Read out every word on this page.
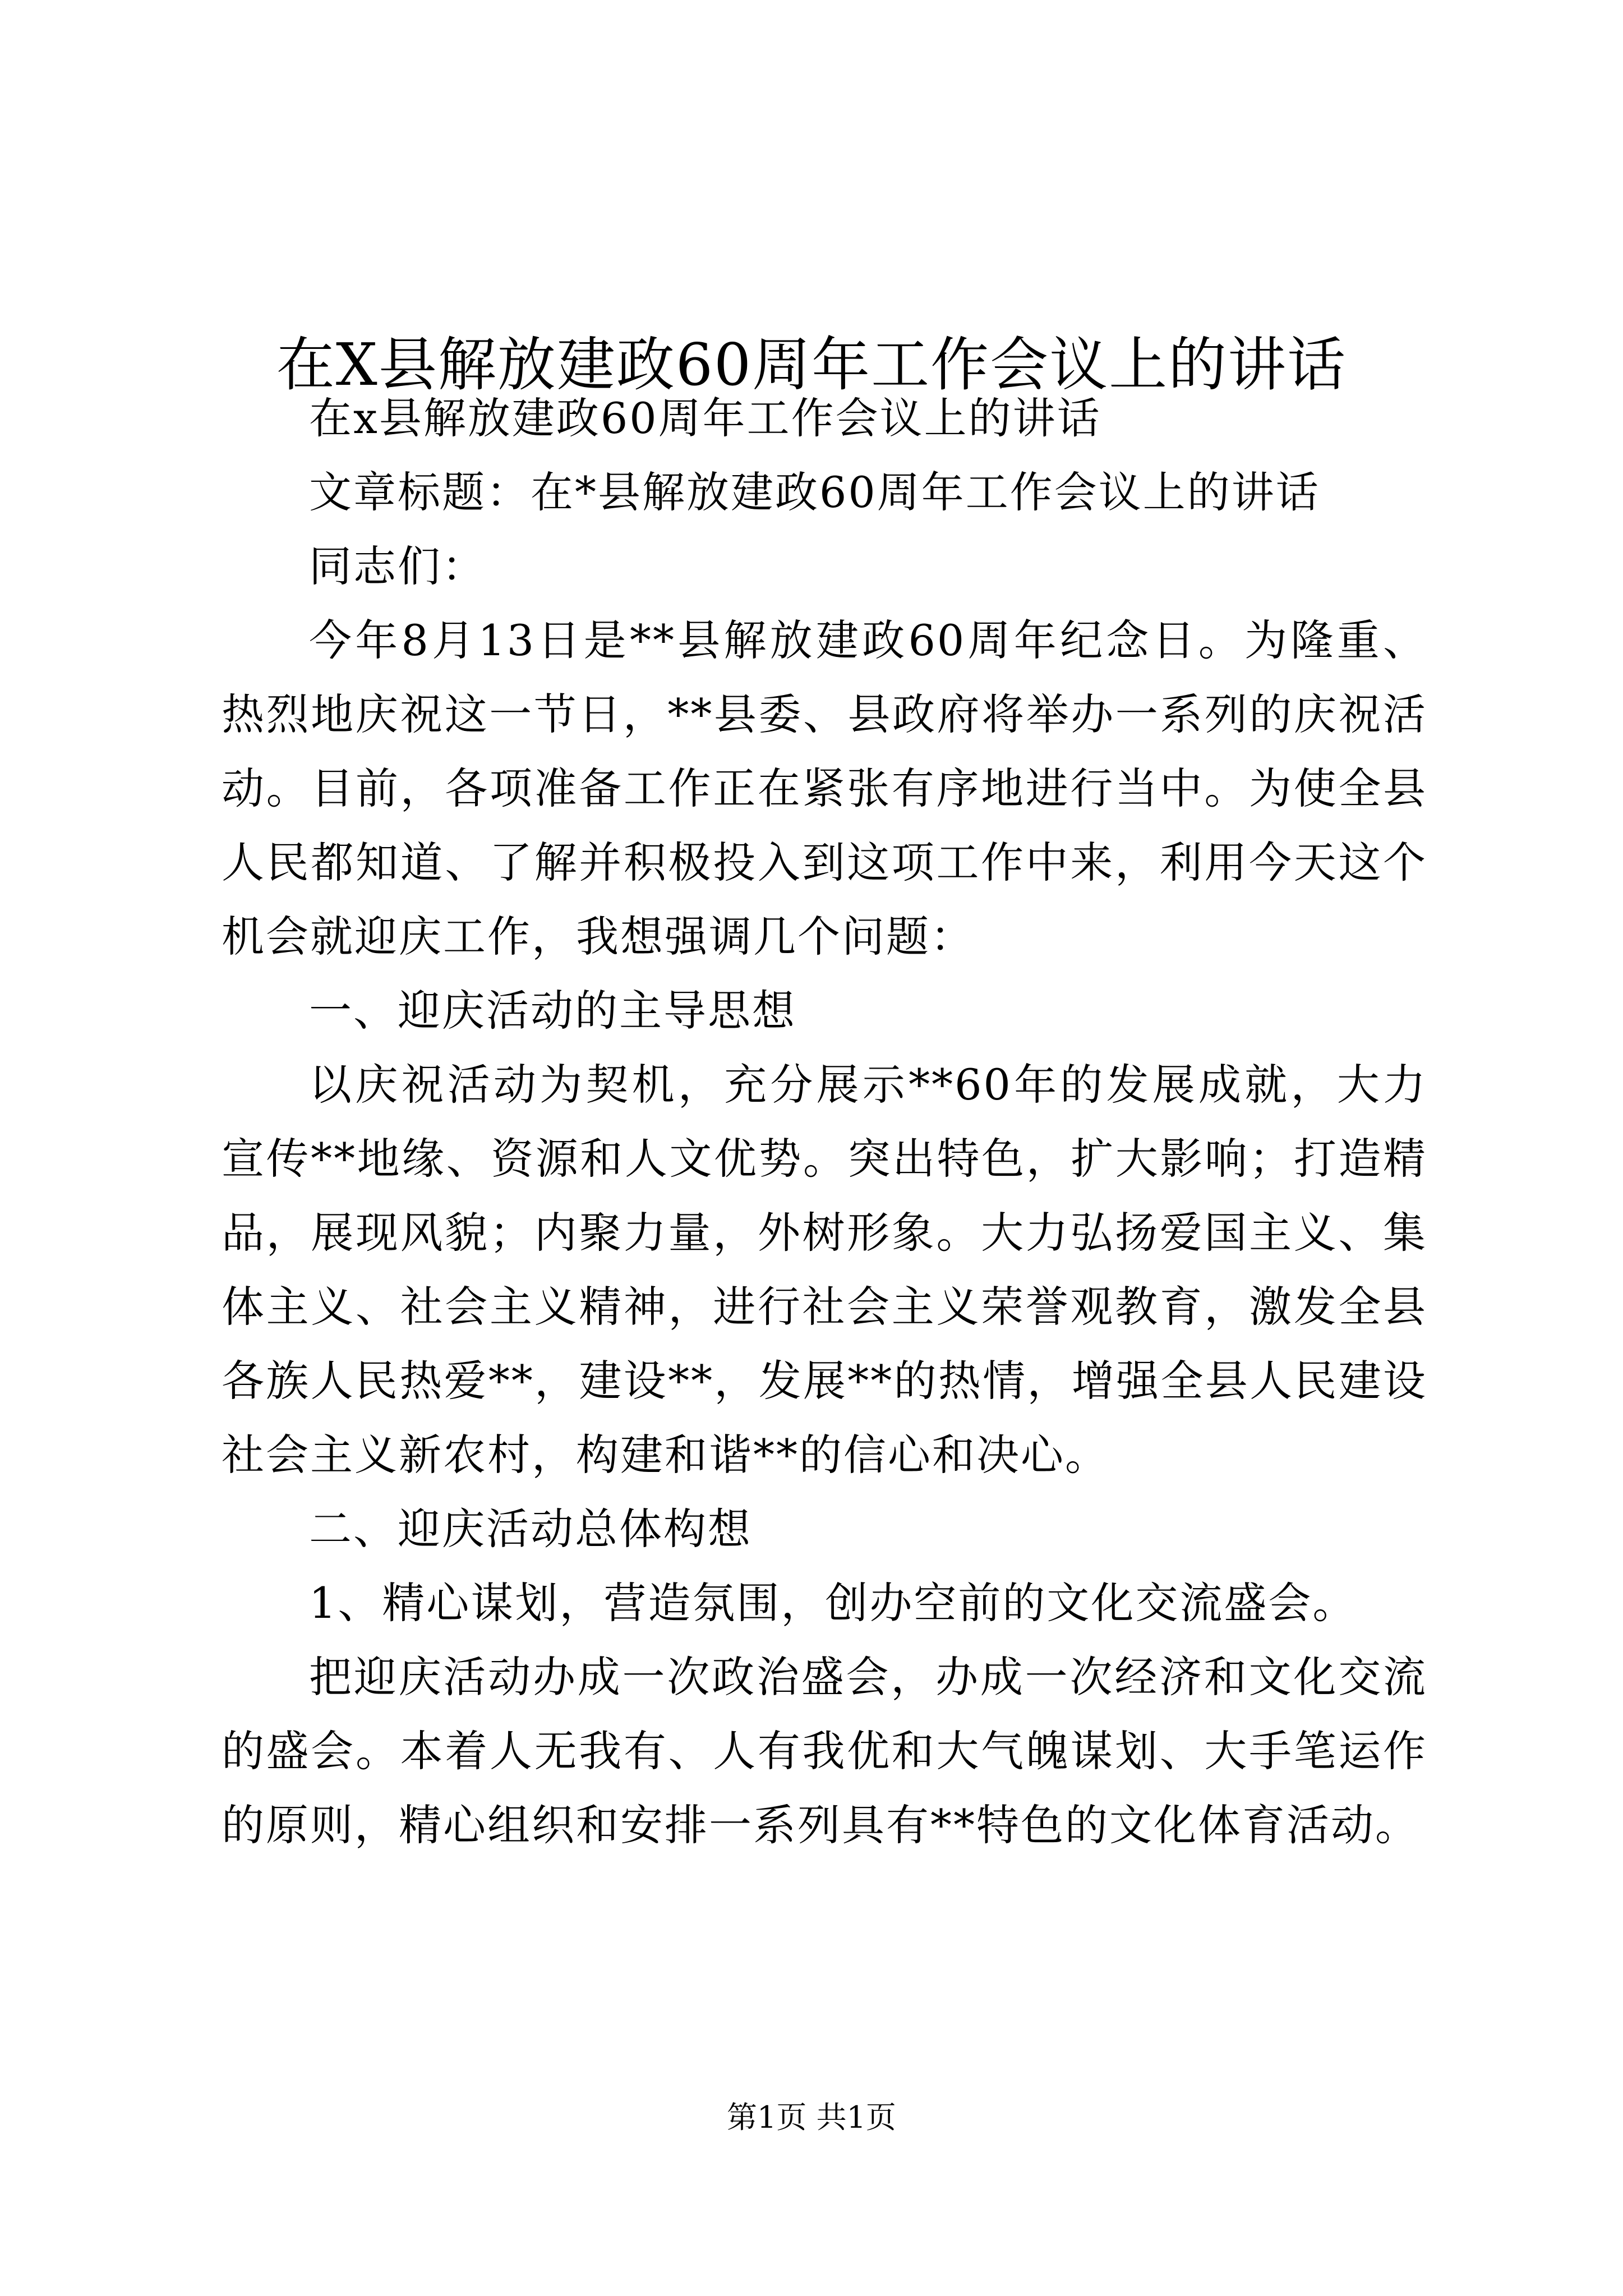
在X县解放建政60周年工作会议上的讲话

在x县解放建政60周年工作会议上的讲话

文章标题：在*县解放建政60周年工作会议上的讲话

同志们：

今年8月13日是**县解放建政60周年纪念日。为隆重、热烈地庆祝这一节日，**县委、县政府将举办一系列的庆祝活动。目前，各项准备工作正在紧张有序地进行当中。为使全县人民都知道、了解并积极投入到这项工作中来，利用今天这个机会就迎庆工作，我想强调几个问题：

一、迎庆活动的主导思想

以庆祝活动为契机，充分展示**60年的发展成就，大力宣传**地缘、资源和人文优势。突出特色，扩大影响；打造精品，展现风貌；内聚力量，外树形象。大力弘扬爱国主义、集体主义、社会主义精神，进行社会主义荣誉观教育，激发全县各族人民热爱**，建设**，发展**的热情，增强全县人民建设社会主义新农村，构建和谐**的信心和决心。

二、迎庆活动总体构想

1、精心谋划，营造氛围，创办空前的文化交流盛会。

把迎庆活动办成一次政治盛会，办成一次经济和文化交流的盛会。本着人无我有、人有我优和大气魄谋划、大手笔运作的原则，精心组织和安排一系列具有**特色的文化体育活动。

第1页 共1页
